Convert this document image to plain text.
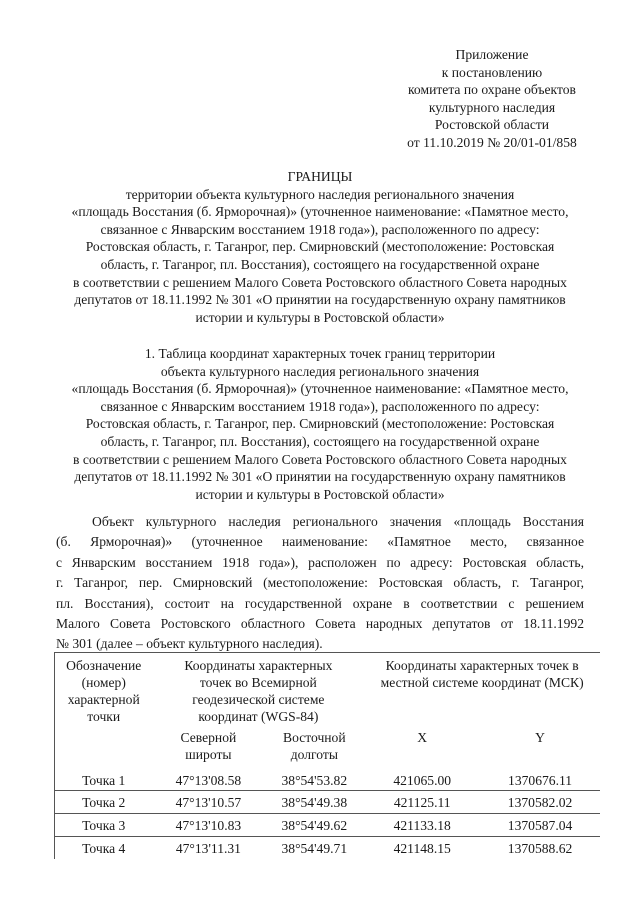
Приложение
к постановлению
комитета по охране объектов
культурного наследия
Ростовской области
от 11.10.2019 № 20/01-01/858
ГРАНИЦЫ
территории объекта культурного наследия регионального значения
«площадь Восстания (б. Ярморочная)» (уточненное наименование: «Памятное место,
связанное с Январским восстанием 1918 года»), расположенного по адресу:
Ростовская область, г. Таганрог, пер. Смирновский (местоположение: Ростовская
область, г. Таганрог, пл. Восстания), состоящего на государственной охране
в соответствии с решением Малого Совета Ростовского областного Совета народных
депутатов от 18.11.1992 № 301 «О принятии на государственную охрану памятников
истории и культуры в Ростовской области»
1. Таблица координат характерных точек границ территории
объекта культурного наследия регионального значения
«площадь Восстания (б. Ярморочная)» (уточненное наименование: «Памятное место,
связанное с Январским восстанием 1918 года»), расположенного по адресу:
Ростовская область, г. Таганрог, пер. Смирновский (местоположение: Ростовская
область, г. Таганрог, пл. Восстания), состоящего на государственной охране
в соответствии с решением Малого Совета Ростовского областного Совета народных
депутатов от 18.11.1992 № 301 «О принятии на государственную охрану памятников
истории и культуры в Ростовской области»
Объект культурного наследия регионального значения «площадь Восстания
(б. Ярморочная)» (уточненное наименование: «Памятное место, связанное
с Январским восстанием 1918 года»), расположен по адресу: Ростовская область,
г. Таганрог, пер. Смирновский (местоположение: Ростовская область, г. Таганрог,
пл. Восстания), состоит на государственной охране в соответствии с решением
Малого Совета Ростовского областного Совета народных депутатов от 18.11.1992
№ 301 (далее – объект культурного наследия).
Обозначение (номер) характерной точки	Координаты характерных точек во Всемирной геодезической системе координат (WGS-84)		Координаты характерных точек в местной системе координат (МСК)	
	Северной широты	Восточной долготы	X	Y
Точка 1	47°13'08.58	38°54'53.82	421065.00	1370676.11
Точка 2	47°13'10.57	38°54'49.38	421125.11	1370582.02
Точка 3	47°13'10.83	38°54'49.62	421133.18	1370587.04
Точка 4	47°13'11.31	38°54'49.71	421148.15	1370588.62
